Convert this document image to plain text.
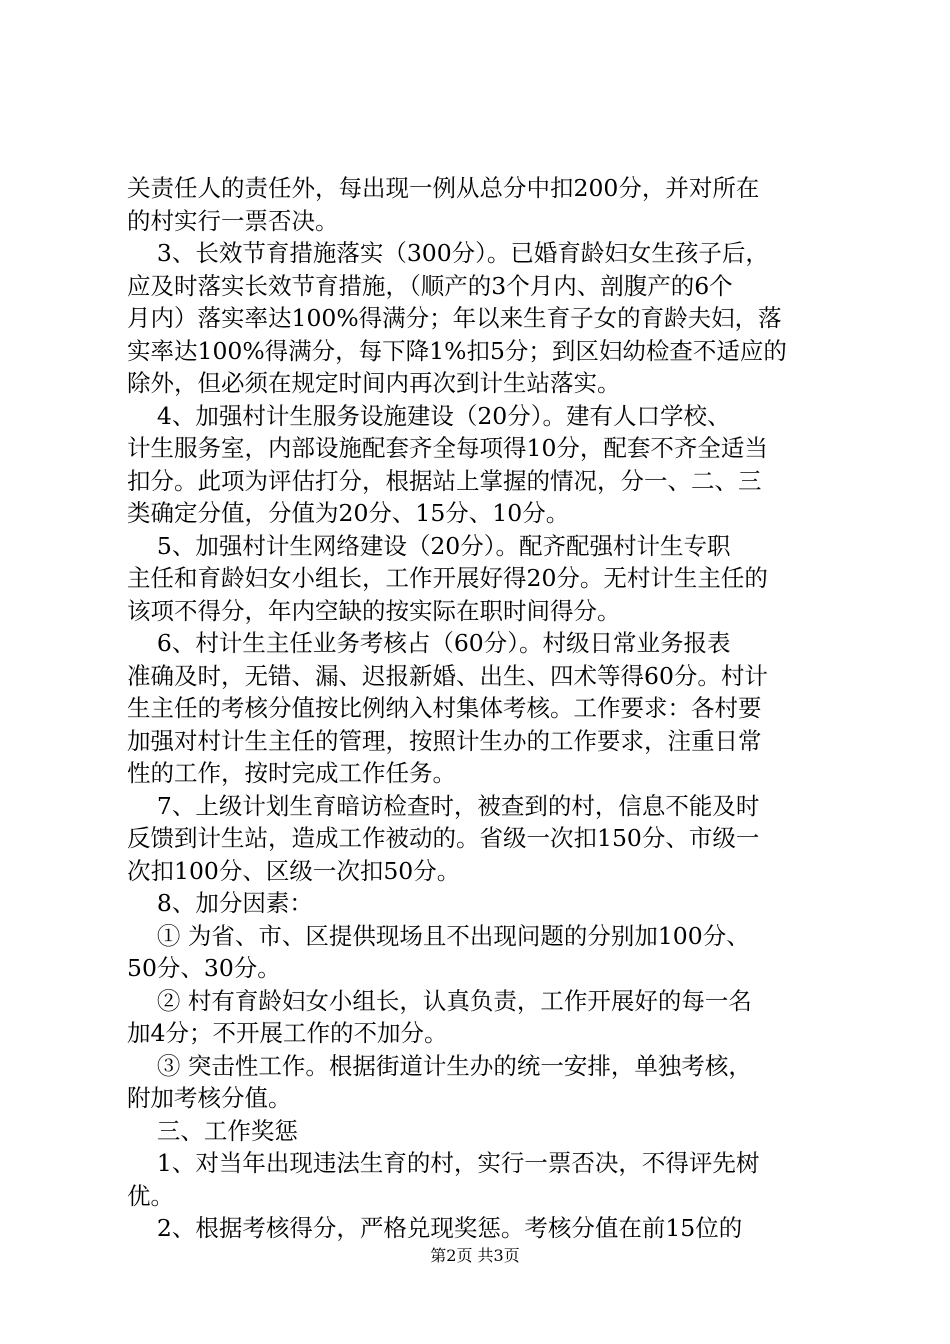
关责任人的责任外，每出现一例从总分中扣200分，并对所在
的村实行一票否决。
3、长效节育措施落实（300分）。已婚育龄妇女生孩子后，
应及时落实长效节育措施，（顺产的3个月内、剖腹产的6个
月内）落实率达100%得满分；年以来生育子女的育龄夫妇，落
实率达100%得满分，每下降1%扣5分；到区妇幼检查不适应的
除外，但必须在规定时间内再次到计生站落实。
4、加强村计生服务设施建设（20分）。建有人口学校、
计生服务室，内部设施配套齐全每项得10分，配套不齐全适当
扣分。此项为评估打分，根据站上掌握的情况，分一、二、三
类确定分值，分值为20分、15分、10分。
5、加强村计生网络建设（20分）。配齐配强村计生专职
主任和育龄妇女小组长，工作开展好得20分。无村计生主任的
该项不得分，年内空缺的按实际在职时间得分。
6、村计生主任业务考核占（60分）。村级日常业务报表
准确及时，无错、漏、迟报新婚、出生、四术等得60分。村计
生主任的考核分值按比例纳入村集体考核。工作要求：各村要
加强对村计生主任的管理，按照计生办的工作要求，注重日常
性的工作，按时完成工作任务。
7、上级计划生育暗访检查时，被查到的村，信息不能及时
反馈到计生站，造成工作被动的。省级一次扣150分、市级一
次扣100分、区级一次扣50分。
8、加分因素：
① 为省、市、区提供现场且不出现问题的分别加100分、
50分、30分。
② 村有育龄妇女小组长，认真负责，工作开展好的每一名
加4分；不开展工作的不加分。
③ 突击性工作。根据街道计生办的统一安排，单独考核，
附加考核分值。
三、工作奖惩
1、对当年出现违法生育的村，实行一票否决，不得评先树
优。
2、根据考核得分，严格兑现奖惩。考核分值在前15位的
第2页 共3页
